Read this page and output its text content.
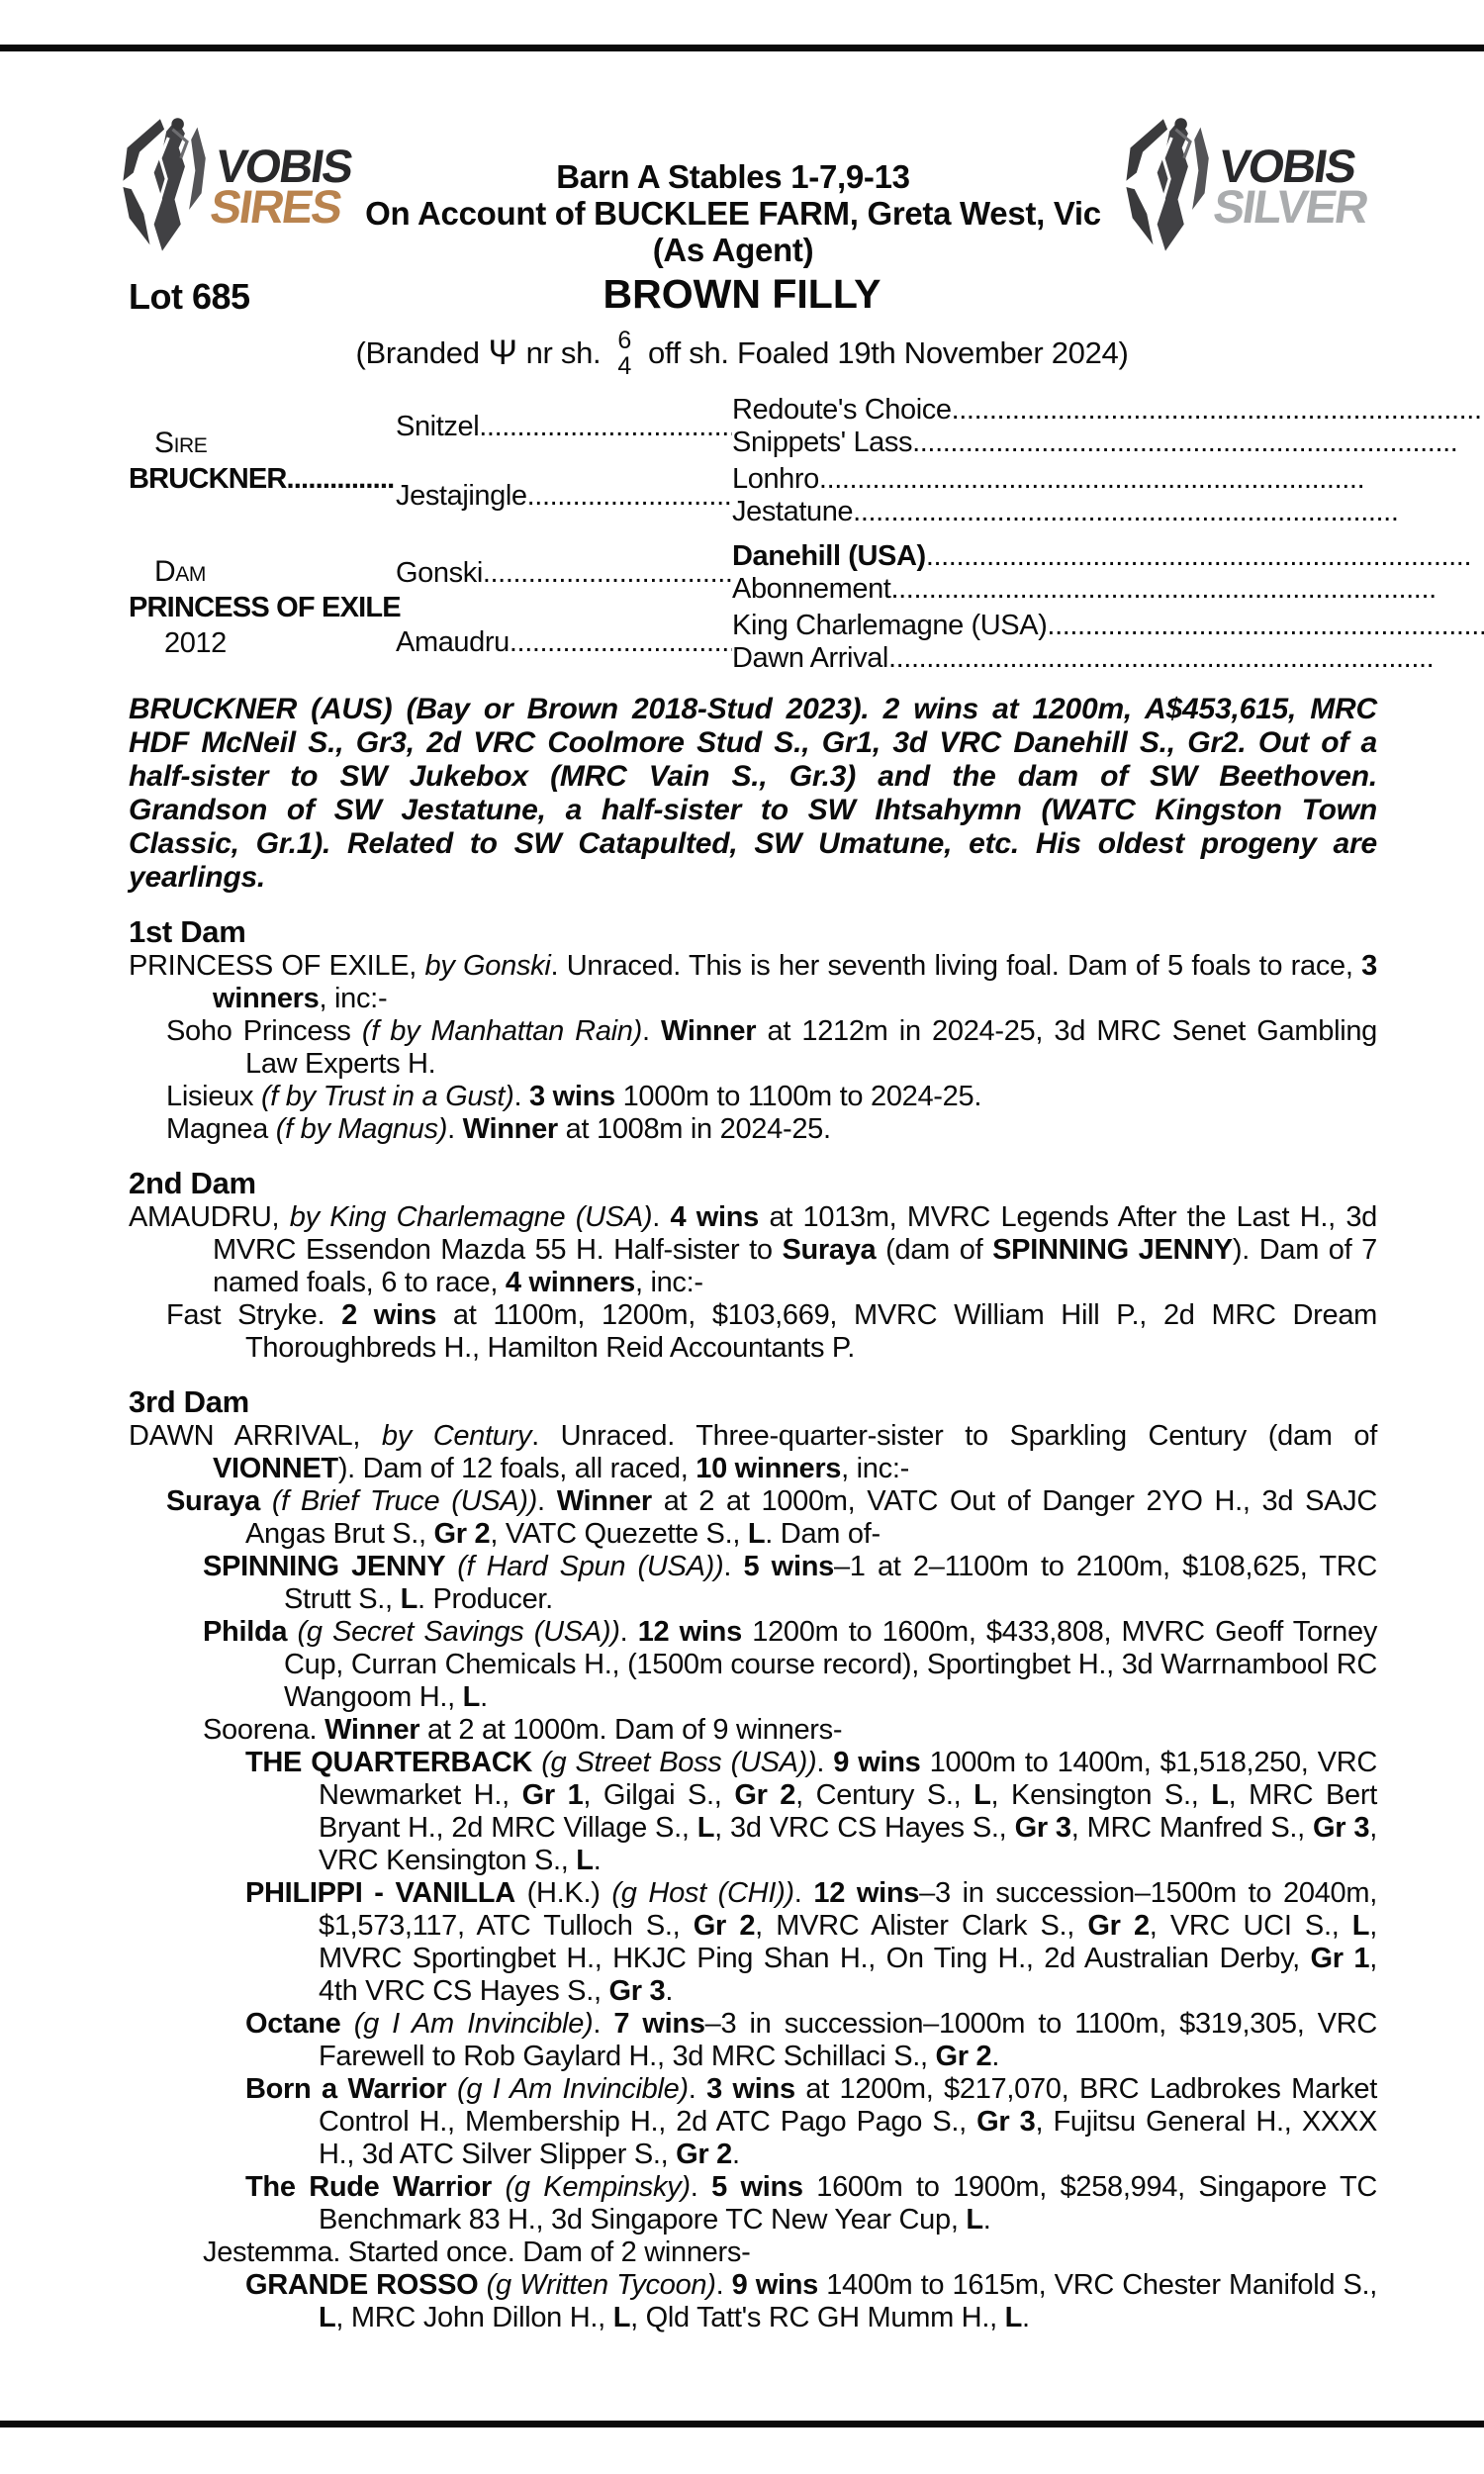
VOBIS
SIRES
Barn A Stables 1-7,9-13
On Account of BUCKLEE FARM, Greta West, Vic
(As Agent)
VOBIS
SILVER
Lot 685	BROWN FILLY
(Branded Ψ nr sh. 6
4 off sh. Foaled 19th November 2024)
Sire
BRUCKNER
.....
Snitzel
.....
Redoute's Choice
.....
Snippets' Lass
.....
Jestajingle
.....
Lonhro
.....
Jestatune
.....
Dam
PRINCESS OF EXILE
2012
Gonski
.....
Danehill (USA)
.....
Abonnement
.....
Amaudru
.....
King Charlemagne (USA)
.....
Dawn Arrival
.....
BRUCKNER (AUS) (Bay or Brown 2018-Stud 2023). 2 wins at 1200m, A$453,615, MRC HDF McNeil S., Gr3, 2d VRC Coolmore Stud S., Gr1, 3d VRC Danehill S., Gr2. Out of a half-sister to SW Jukebox (MRC Vain S., Gr.3) and the dam of SW Beethoven. Grandson of SW Jestatune, a half-sister to SW Ihtsahymn (WATC Kingston Town Classic, Gr.1). Related to SW Catapulted, SW Umatune, etc. His oldest progeny are yearlings.
1st Dam
PRINCESS OF EXILE, by Gonski. Unraced. This is her seventh living foal. Dam of 5 foals to race, 3 winners, inc:-
Soho Princess (f by Manhattan Rain). Winner at 1212m in 2024-25, 3d MRC Senet Gambling Law Experts H.
Lisieux (f by Trust in a Gust). 3 wins 1000m to 1100m to 2024-25.
Magnea (f by Magnus). Winner at 1008m in 2024-25.
2nd Dam
AMAUDRU, by King Charlemagne (USA). 4 wins at 1013m, MVRC Legends After the Last H., 3d MVRC Essendon Mazda 55 H. Half-sister to Suraya (dam of SPINNING JENNY). Dam of 7 named foals, 6 to race, 4 winners, inc:-
Fast Stryke. 2 wins at 1100m, 1200m, $103,669, MVRC William Hill P., 2d MRC Dream Thoroughbreds H., Hamilton Reid Accountants P.
3rd Dam
DAWN ARRIVAL, by Century. Unraced. Three-quarter-sister to Sparkling Century (dam of VIONNET). Dam of 12 foals, all raced, 10 winners, inc:-
Suraya (f Brief Truce (USA)). Winner at 2 at 1000m, VATC Out of Danger 2YO H., 3d SAJC Angas Brut S., Gr 2, VATC Quezette S., L. Dam of-
SPINNING JENNY (f Hard Spun (USA)). 5 wins–1 at 2–1100m to 2100m, $108,625, TRC Strutt S., L. Producer.
Philda (g Secret Savings (USA)). 12 wins 1200m to 1600m, $433,808, MVRC Geoff Torney Cup, Curran Chemicals H., (1500m course record), Sportingbet H., 3d Warrnambool RC Wangoom H., L.
Soorena. Winner at 2 at 1000m. Dam of 9 winners-
THE QUARTERBACK (g Street Boss (USA)). 9 wins 1000m to 1400m, $1,518,250, VRC Newmarket H., Gr 1, Gilgai S., Gr 2, Century S., L, Kensington S., L, MRC Bert Bryant H., 2d MRC Village S., L, 3d VRC CS Hayes S., Gr 3, MRC Manfred S., Gr 3, VRC Kensington S., L.
PHILIPPI - VANILLA (H.K.) (g Host (CHI)). 12 wins–3 in succession–1500m to 2040m, $1,573,117, ATC Tulloch S., Gr 2, MVRC Alister Clark S., Gr 2, VRC UCI S., L, MVRC Sportingbet H., HKJC Ping Shan H., On Ting H., 2d Australian Derby, Gr 1, 4th VRC CS Hayes S., Gr 3.
Octane (g I Am Invincible). 7 wins–3 in succession–1000m to 1100m, $319,305, VRC Farewell to Rob Gaylard H., 3d MRC Schillaci S., Gr 2.
Born a Warrior (g I Am Invincible). 3 wins at 1200m, $217,070, BRC Ladbrokes Market Control H., Membership H., 2d ATC Pago Pago S., Gr 3, Fujitsu General H., XXXX H., 3d ATC Silver Slipper S., Gr 2.
The Rude Warrior (g Kempinsky). 5 wins 1600m to 1900m, $258,994, Singapore TC Benchmark 83 H., 3d Singapore TC New Year Cup, L.
Jestemma. Started once. Dam of 2 winners-
GRANDE ROSSO (g Written Tycoon). 9 wins 1400m to 1615m, VRC Chester Manifold S., L, MRC John Dillon H., L, Qld Tatt's RC GH Mumm H., L.
